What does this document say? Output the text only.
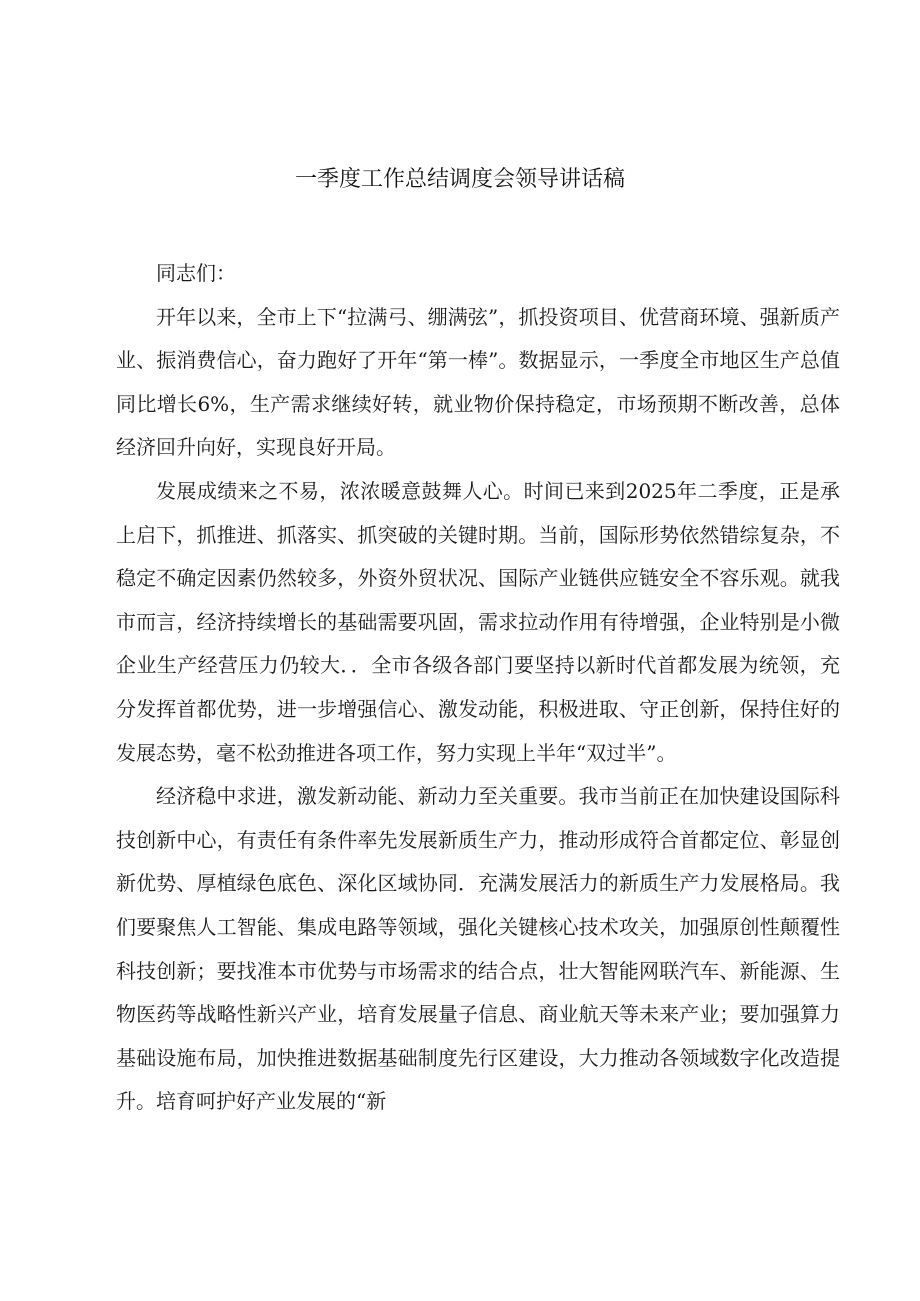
一季度工作总结调度会领导讲话稿

同志们：

开年以来，全市上下“拉满弓、绷满弦”，抓投资项目、优营商环境、强新质产业、振消费信心，奋力跑好了开年“第一棒”。数据显示，一季度全市地区生产总值同比增长6%，生产需求继续好转，就业物价保持稳定，市场预期不断改善，总体经济回升向好，实现良好开局。

发展成绩来之不易，浓浓暖意鼓舞人心。时间已来到2025年二季度，正是承上启下，抓推进、抓落实、抓突破的关键时期。当前，国际形势依然错综复杂，不稳定不确定因素仍然较多，外资外贸状况、国际产业链供应链安全不容乐观。就我市而言，经济持续增长的基础需要巩固，需求拉动作用有待增强，企业特别是小微企业生产经营压力仍较大．．全市各级各部门要坚持以新时代首都发展为统领，充分发挥首都优势，进一步增强信心、激发动能，积极进取、守正创新，保持住好的发展态势，毫不松劲推进各项工作，努力实现上半年“双过半”。

经济稳中求进，激发新动能、新动力至关重要。我市当前正在加快建设国际科技创新中心，有责任有条件率先发展新质生产力，推动形成符合首都定位、彰显创新优势、厚植绿色底色、深化区域协同．充满发展活力的新质生产力发展格局。我们要聚焦人工智能、集成电路等领域，强化关键核心技术攻关，加强原创性颠覆性科技创新；要找准本市优势与市场需求的结合点，壮大智能网联汽车、新能源、生物医药等战略性新兴产业，培育发展量子信息、商业航天等未来产业；要加强算力基础设施布局，加快推进数据基础制度先行区建设，大力推动各领域数字化改造提升。培育呵护好产业发展的“新
